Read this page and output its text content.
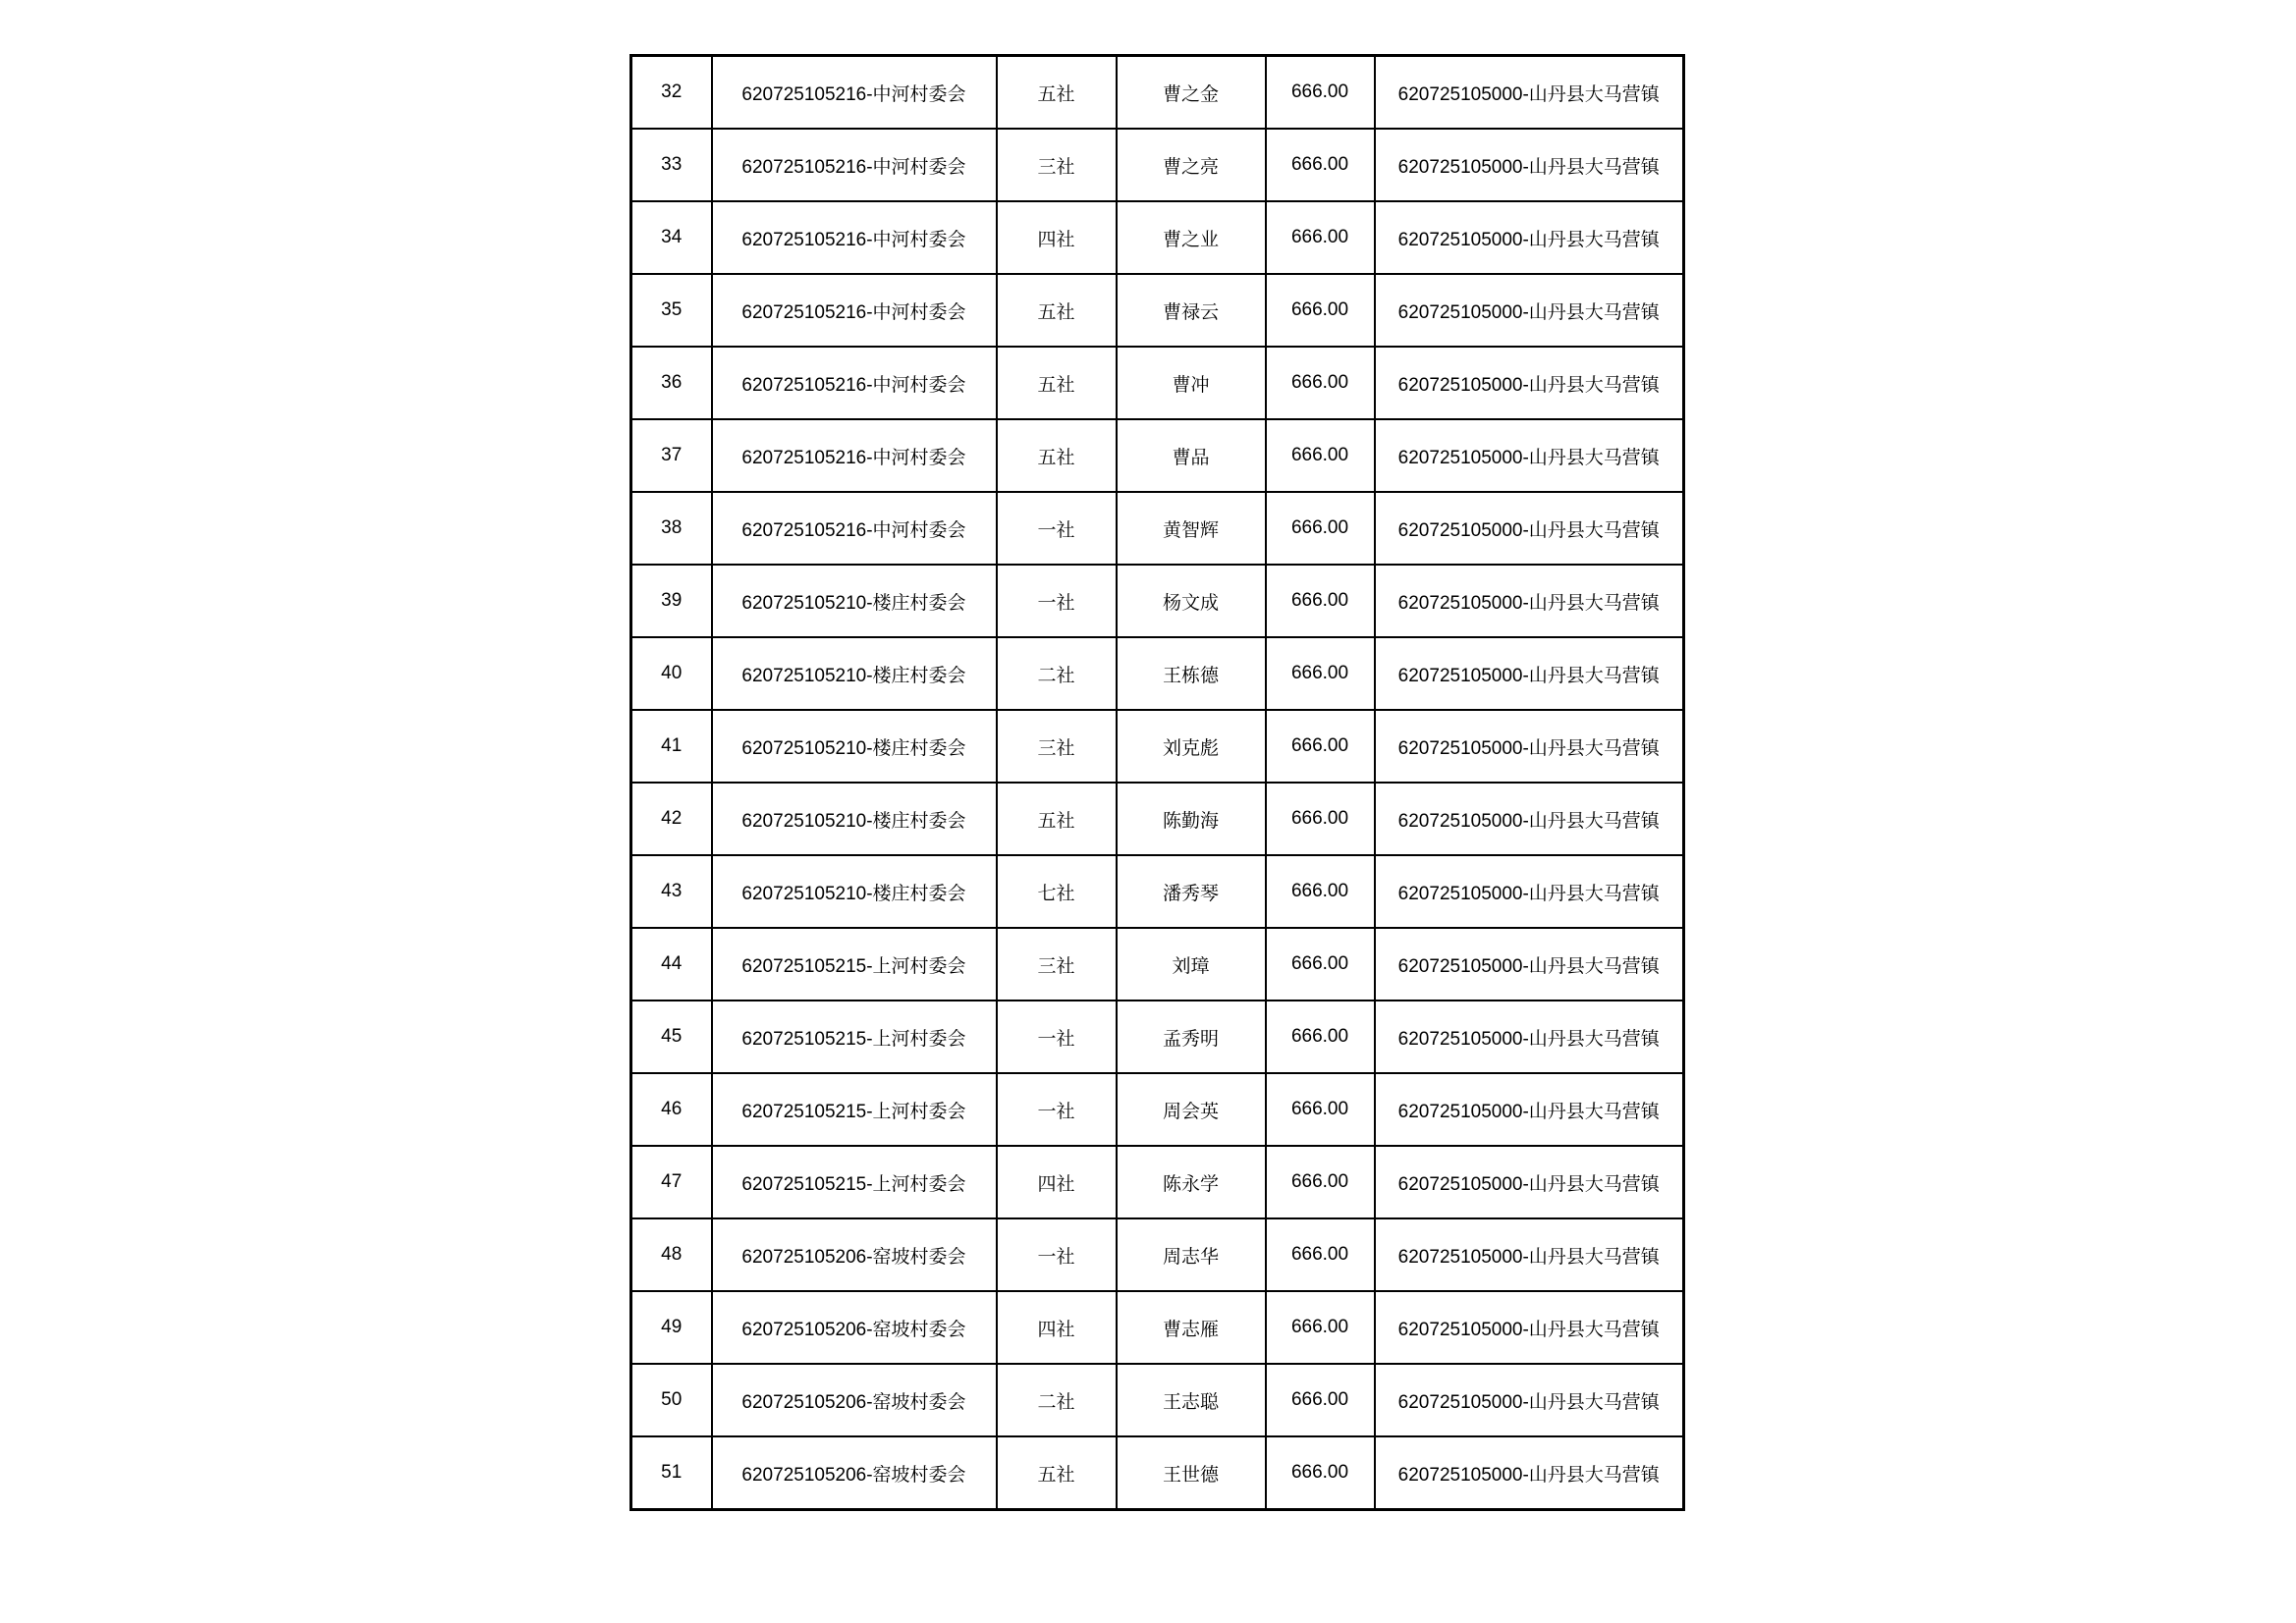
32	620725105216-中河村委会	五社	曹之金	666.00	620725105000-山丹县大马营镇
33	620725105216-中河村委会	三社	曹之亮	666.00	620725105000-山丹县大马营镇
34	620725105216-中河村委会	四社	曹之业	666.00	620725105000-山丹县大马营镇
35	620725105216-中河村委会	五社	曹禄云	666.00	620725105000-山丹县大马营镇
36	620725105216-中河村委会	五社	曹冲	666.00	620725105000-山丹县大马营镇
37	620725105216-中河村委会	五社	曹品	666.00	620725105000-山丹县大马营镇
38	620725105216-中河村委会	一社	黄智辉	666.00	620725105000-山丹县大马营镇
39	620725105210-楼庄村委会	一社	杨文成	666.00	620725105000-山丹县大马营镇
40	620725105210-楼庄村委会	二社	王栋德	666.00	620725105000-山丹县大马营镇
41	620725105210-楼庄村委会	三社	刘克彪	666.00	620725105000-山丹县大马营镇
42	620725105210-楼庄村委会	五社	陈勤海	666.00	620725105000-山丹县大马营镇
43	620725105210-楼庄村委会	七社	潘秀琴	666.00	620725105000-山丹县大马营镇
44	620725105215-上河村委会	三社	刘璋	666.00	620725105000-山丹县大马营镇
45	620725105215-上河村委会	一社	孟秀明	666.00	620725105000-山丹县大马营镇
46	620725105215-上河村委会	一社	周会英	666.00	620725105000-山丹县大马营镇
47	620725105215-上河村委会	四社	陈永学	666.00	620725105000-山丹县大马营镇
48	620725105206-窑坡村委会	一社	周志华	666.00	620725105000-山丹县大马营镇
49	620725105206-窑坡村委会	四社	曹志雁	666.00	620725105000-山丹县大马营镇
50	620725105206-窑坡村委会	二社	王志聪	666.00	620725105000-山丹县大马营镇
51	620725105206-窑坡村委会	五社	王世德	666.00	620725105000-山丹县大马营镇
